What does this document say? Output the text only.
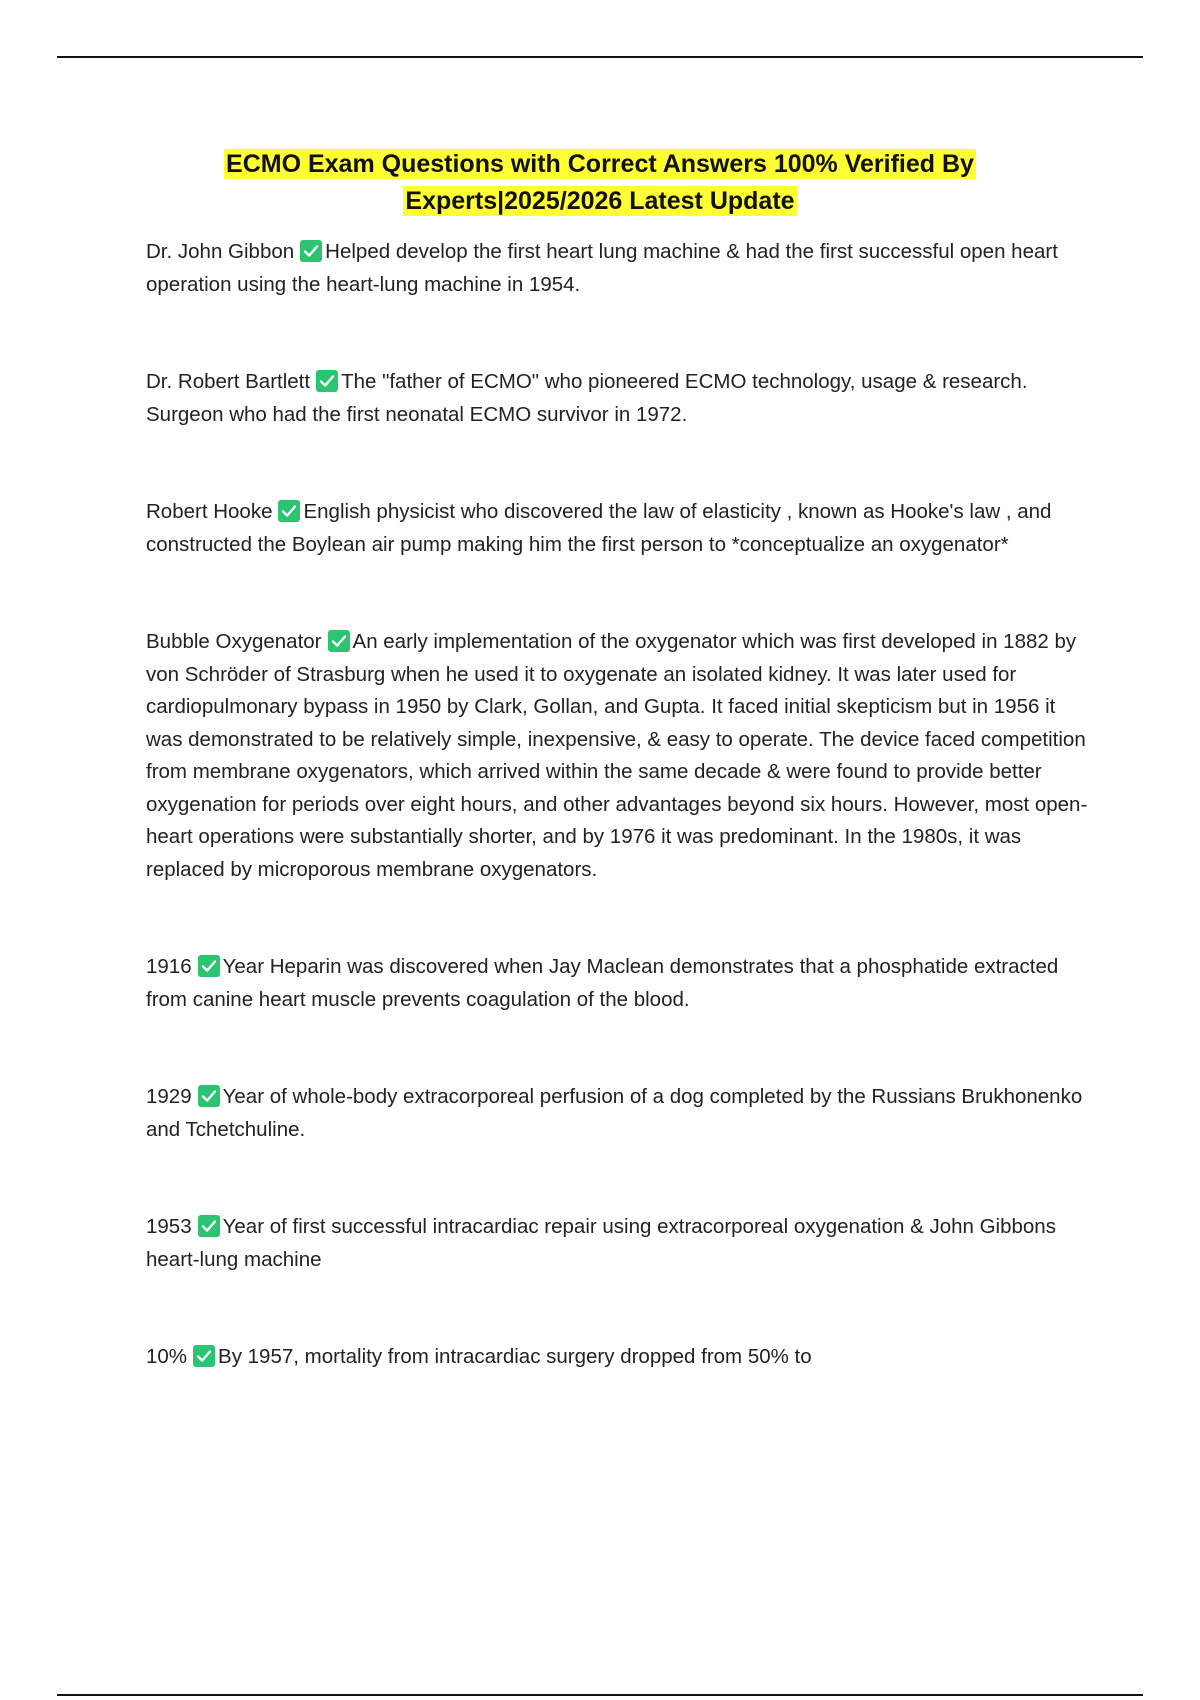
ECMO Exam Questions with Correct Answers 100% Verified By
Experts|2025/2026 Latest Update

Dr. John Gibbon Helped develop the first heart lung machine & had the first successful open heart operation using the heart-lung machine in 1954.

Dr. Robert Bartlett The "father of ECMO" who pioneered ECMO technology, usage & research. Surgeon who had the first neonatal ECMO survivor in 1972.

Robert Hooke English physicist who discovered the law of elasticity , known as Hooke's law , and constructed the Boylean air pump making him the first person to *conceptualize an oxygenator*

Bubble Oxygenator An early implementation of the oxygenator which was first developed in 1882 by von Schröder of Strasburg when he used it to oxygenate an isolated kidney. It was later used for cardiopulmonary bypass in 1950 by Clark, Gollan, and Gupta. It faced initial skepticism but in 1956 it was demonstrated to be relatively simple, inexpensive, & easy to operate. The device faced competition from membrane oxygenators, which arrived within the same decade & were found to provide better oxygenation for periods over eight hours, and other advantages beyond six hours. However, most open-heart operations were substantially shorter, and by 1976 it was predominant. In the 1980s, it was replaced by microporous membrane oxygenators.

1916 Year Heparin was discovered when Jay Maclean demonstrates that a phosphatide extracted from canine heart muscle prevents coagulation of the blood.

1929 Year of whole-body extracorporeal perfusion of a dog completed by the Russians Brukhonenko and Tchetchuline.

1953 Year of first successful intracardiac repair using extracorporeal oxygenation & John Gibbons heart-lung machine

10% By 1957, mortality from intracardiac surgery dropped from 50% to
